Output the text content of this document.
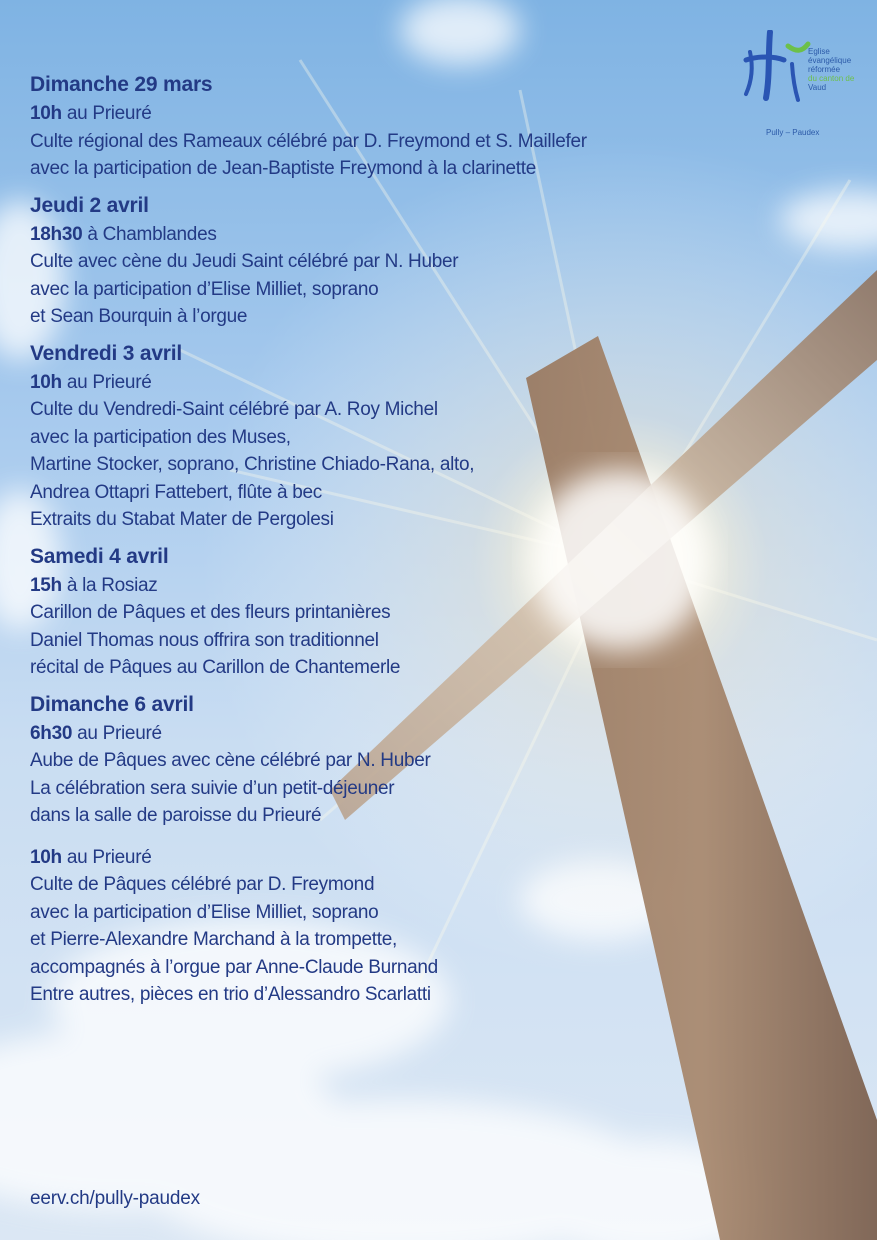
Eglise
évangélique
réformée
du canton de
Vaud
Pully – Paudex
Dimanche 29 mars
10h au Prieuré
Culte régional des Rameaux célébré par D. Freymond et S. Maillefer
avec la participation de Jean-Baptiste Freymond à la clarinette
Jeudi 2 avril
18h30 à Chamblandes
Culte avec cène du Jeudi Saint célébré par N. Huber
avec la participation d’Elise Milliet, soprano
et Sean Bourquin à l’orgue
Vendredi 3 avril
10h au Prieuré
Culte du Vendredi-Saint célébré par A. Roy Michel
avec la participation des Muses,
Martine Stocker, soprano, Christine Chiado-Rana, alto,
Andrea Ottapri Fattebert, flûte à bec
Extraits du Stabat Mater de Pergolesi
Samedi 4 avril
15h à la Rosiaz
Carillon de Pâques et des fleurs printanières
Daniel Thomas nous offrira son traditionnel
récital de Pâques au Carillon de Chantemerle
Dimanche 6 avril
6h30 au Prieuré
Aube de Pâques avec cène célébré par N. Huber
La célébration sera suivie d’un petit-déjeuner
dans la salle de paroisse du Prieuré
10h au Prieuré
Culte de Pâques célébré par D. Freymond
avec la participation d’Elise Milliet, soprano
et Pierre-Alexandre Marchand à la trompette,
accompagnés à l’orgue par Anne-Claude Burnand
Entre autres, pièces en trio d’Alessandro Scarlatti
eerv.ch/pully-paudex
